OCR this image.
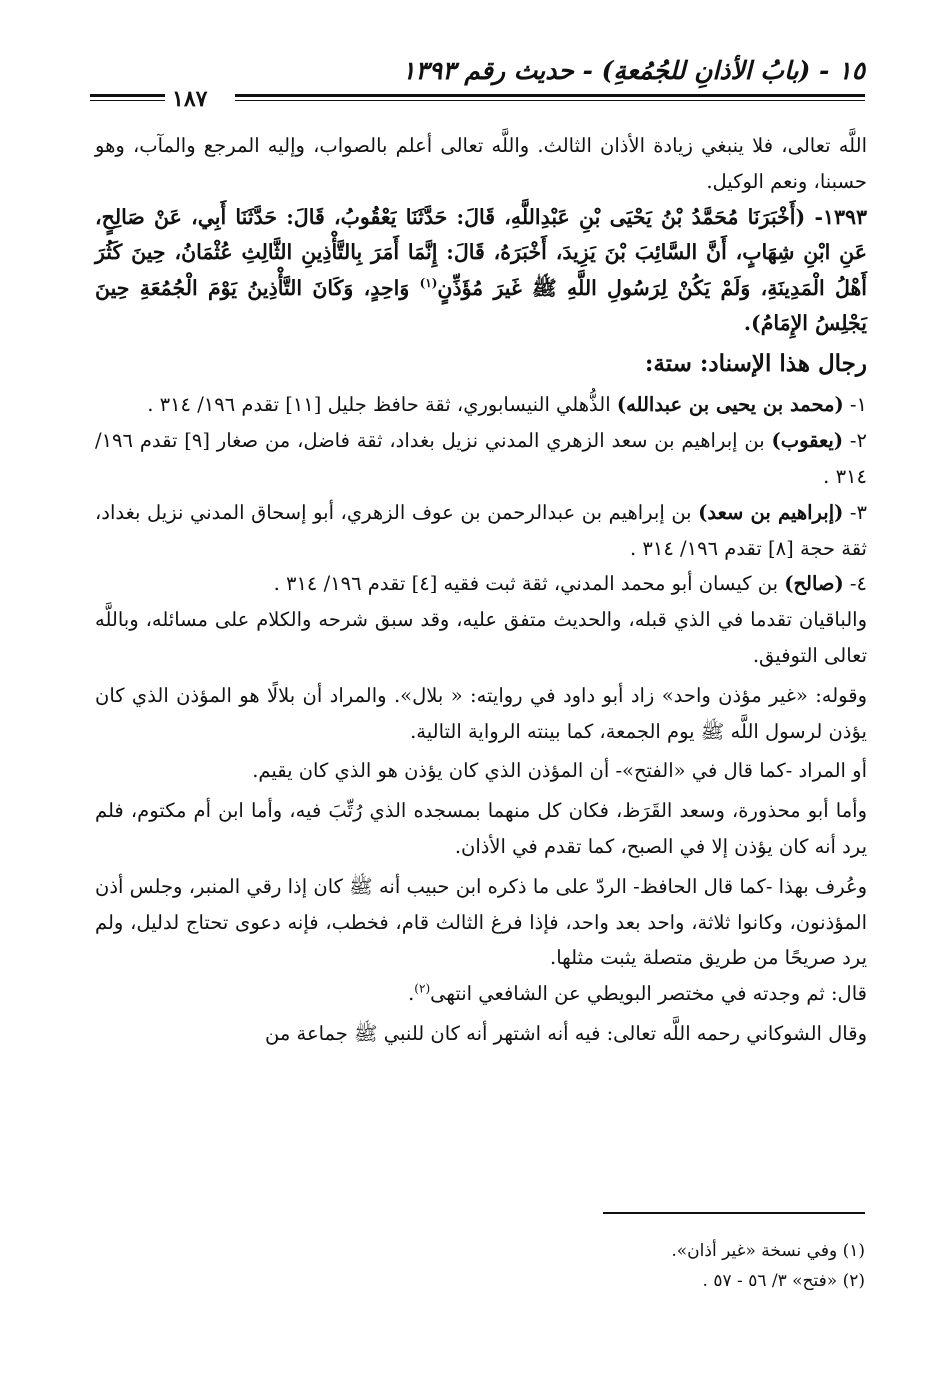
١٥ - (بابُ الأذانِ للجُمُعةِ) - حديث رقم ١٣٩٣
١٨٧

اللَّه تعالى، فلا ينبغي زيادة الأذان الثالث. واللَّه تعالى أعلم بالصواب، وإليه المرجع والمآب، وهو حسبنا، ونعم الوكيل.

١٣٩٣- (أَخْبَرَنَا مُحَمَّدُ بْنُ يَحْيَى بْنِ عَبْدِاللَّهِ، قَالَ: حَدَّثَنَا يَعْقُوبُ، قَالَ: حَدَّثَنَا أَبِي، عَنْ صَالِحٍ، عَنِ ابْنِ شِهَابٍ، أَنَّ السَّائِبَ بْنَ يَزِيدَ، أَخْبَرَهُ، قَالَ: إِنَّمَا أَمَرَ بِالتَّأْذِينِ الثَّالِثِ عُثْمَانُ، حِينَ كَثُرَ أَهْلُ الْمَدِينَةِ، وَلَمْ يَكُنْ لِرَسُولِ اللَّهِ ﷺ غَيرَ مُؤَذِّنٍ$^{(١)}$ وَاحِدٍ، وَكَانَ التَّأْذِينُ يَوْمَ الْجُمُعَةِ حِينَ يَجْلِسُ الإِمَامُ).

رجال هذا الإسناد: ستة:

١- (محمد بن يحيى بن عبدالله) الذُّهلي النيسابوري، ثقة حافظ جليل [١١] تقدم ١٩٦/ ٣١٤ .

٢- (يعقوب) بن إبراهيم بن سعد الزهري المدني نزيل بغداد، ثقة فاضل، من صغار [٩] تقدم ١٩٦/ ٣١٤ .

٣- (إبراهيم بن سعد) بن إبراهيم بن عبدالرحمن بن عوف الزهري، أبو إسحاق المدني نزيل بغداد، ثقة حجة [٨] تقدم ١٩٦/ ٣١٤ .

٤- (صالح) بن كيسان أبو محمد المدني، ثقة ثبت فقيه [٤] تقدم ١٩٦/ ٣١٤ .

والباقيان تقدما في الذي قبله، والحديث متفق عليه، وقد سبق شرحه والكلام على مسائله، وباللَّه تعالى التوفيق.

وقوله: «غير مؤذن واحد» زاد أبو داود في روايته: « بلال». والمراد أن بلالًا هو المؤذن الذي كان يؤذن لرسول اللَّه ﷺ يوم الجمعة، كما بينته الرواية التالية.

أو المراد -كما قال في «الفتح»- أن المؤذن الذي كان يؤذن هو الذي كان يقيم.

وأما أبو محذورة، وسعد القَرَظ، فكان كل منهما بمسجده الذي رُتِّبَ فيه، وأما ابن أم مكتوم، فلم يرد أنه كان يؤذن إلا في الصبح، كما تقدم في الأذان.

وعُرف بهذا -كما قال الحافظ- الردّ على ما ذكره ابن حبيب أنه ﷺ كان إذا رقي المنبر، وجلس أذن المؤذنون، وكانوا ثلاثة، واحد بعد واحد، فإذا فرغ الثالث قام، فخطب، فإنه دعوى تحتاج لدليل، ولم يرد صريحًا من طريق متصلة يثبت مثلها.

قال: ثم وجدته في مختصر البويطي عن الشافعي انتهى$^{(٢)}$.

وقال الشوكاني رحمه اللَّه تعالى: فيه أنه اشتهر أنه كان للنبي ﷺ جماعة من

(١) وفي نسخة «غير أذان».

(٢) «فتح» ٣/ ٥٦ - ٥٧ .
